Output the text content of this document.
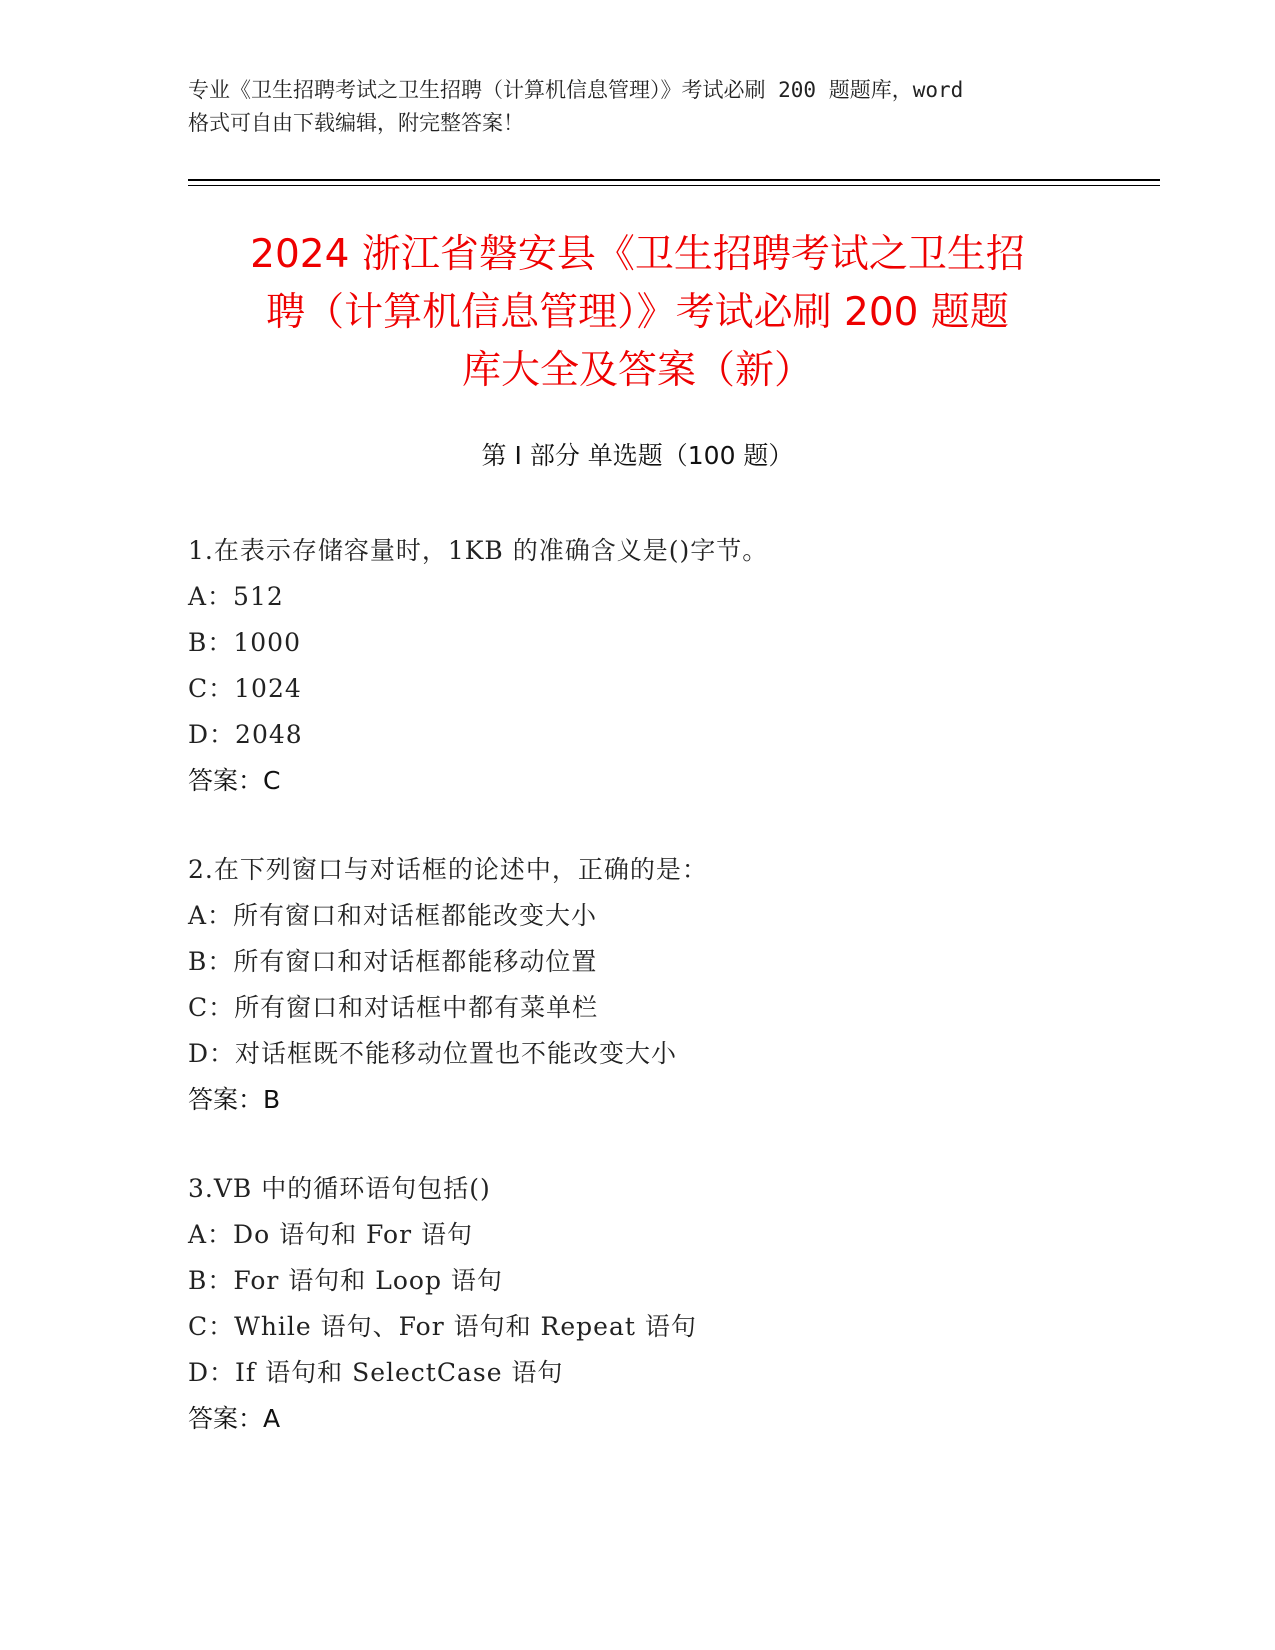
专业《卫生招聘考试之卫生招聘（计算机信息管理）》考试必刷 200 题题库，word
格式可自由下载编辑，附完整答案！
2024 浙江省磐安县《卫生招聘考试之卫生招
聘（计算机信息管理）》考试必刷 200 题题
库大全及答案（新）
第 I 部分 单选题（100 题）
1.在表示存储容量时，1KB 的准确含义是()字节。
A：512
B：1000
C：1024
D：2048
答案：C
2.在下列窗口与对话框的论述中，正确的是：
A：所有窗口和对话框都能改变大小
B：所有窗口和对话框都能移动位置
C：所有窗口和对话框中都有菜单栏
D：对话框既不能移动位置也不能改变大小
答案：B
3.VB 中的循环语句包括()
A：Do 语句和 For 语句
B：For 语句和 Loop 语句
C：While 语句、For 语句和 Repeat 语句
D：If 语句和 SelectCase 语句
答案：A
